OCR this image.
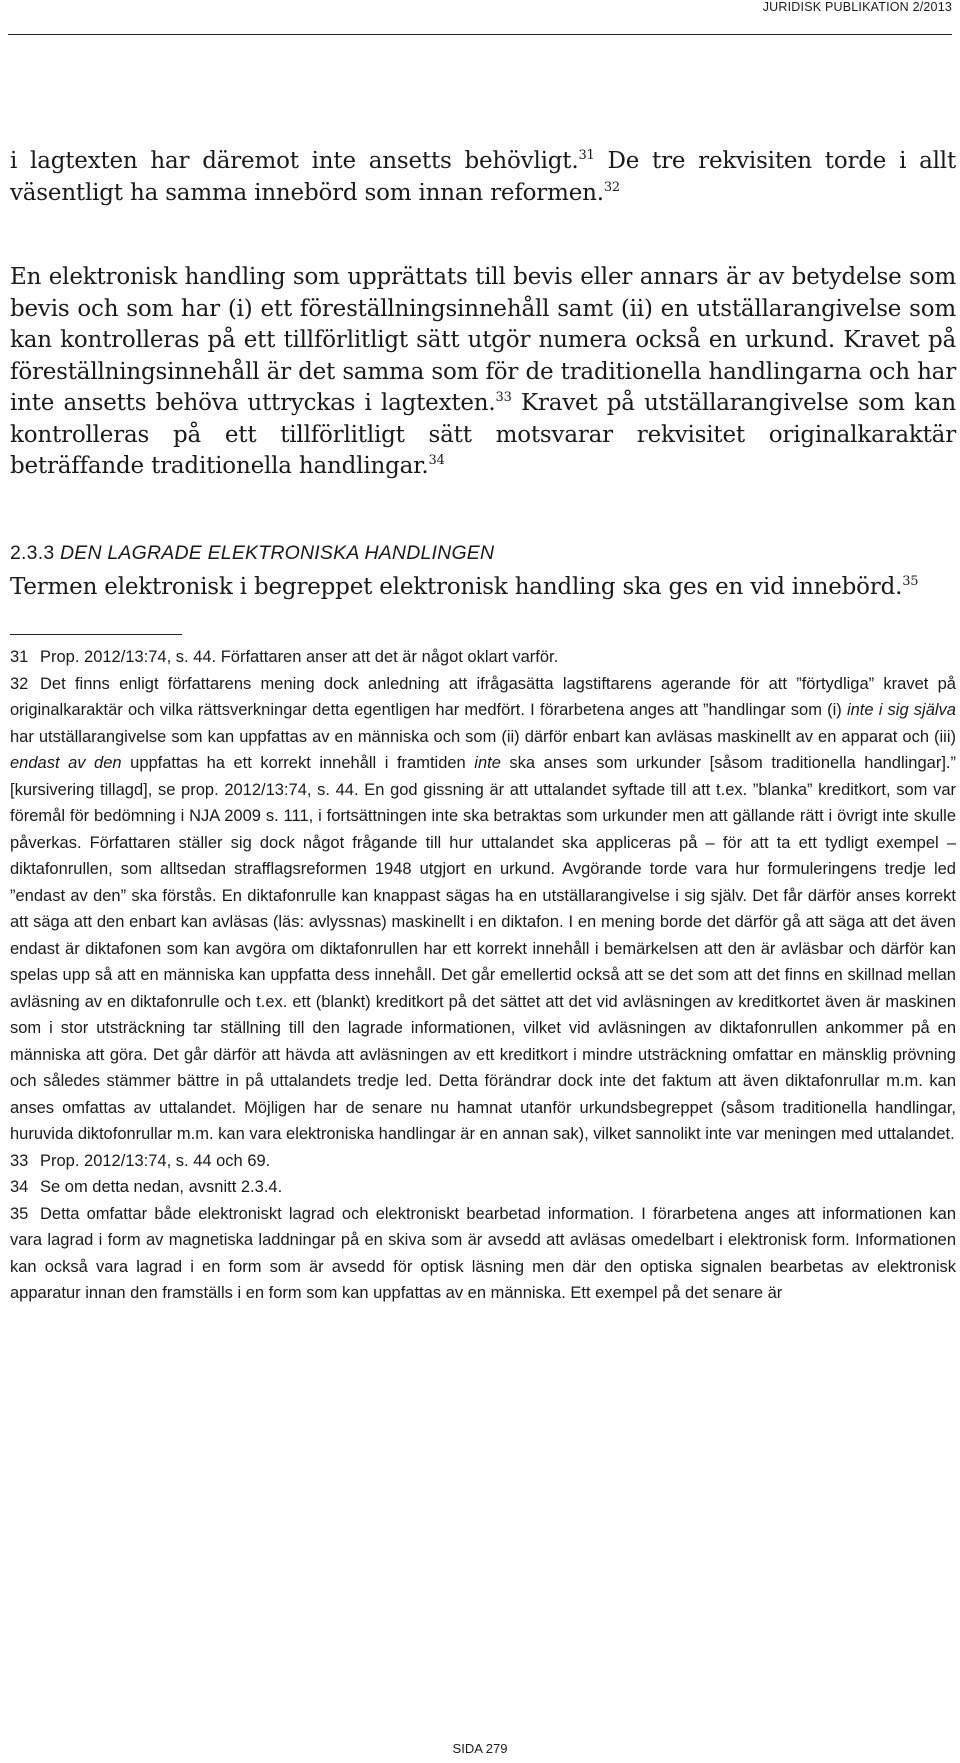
JURIDISK PUBLIKATION 2/2013

i lagtexten har däremot inte ansetts behövligt.$^{31}$ De tre rekvisiten torde i allt väsentligt ha samma innebörd som innan reformen.$^{32}$

En elektronisk handling som upprättats till bevis eller annars är av betydelse som bevis och som har (i) ett föreställningsinnehåll samt (ii) en utställarangivelse som kan kontrolleras på ett tillförlitligt sätt utgör numera också en urkund. Kravet på föreställningsinnehåll är det samma som för de traditionella handlingarna och har inte ansetts behöva uttryckas i lagtexten.$^{33}$ Kravet på utställarangivelse som kan kontrolleras på ett tillförlitligt sätt motsvarar rekvisitet originalkaraktär beträffande traditionella handlingar.$^{34}$

2.3.3 DEN LAGRADE ELEKTRONISKA HANDLINGEN

Termen elektronisk i begreppet elektronisk handling ska ges en vid innebörd.$^{35}$

31 Prop. 2012/13:74, s. 44. Författaren anser att det är något oklart varför.

32 Det finns enligt författarens mening dock anledning att ifrågasätta lagstiftarens agerande för att ”förtydliga” kravet på originalkaraktär och vilka rättsverkningar detta egentligen har medfört. I förarbetena anges att ”handlingar som (i) inte i sig själva har utställarangivelse som kan uppfattas av en människa och som (ii) därför enbart kan avläsas maskinellt av en apparat och (iii) endast av den uppfattas ha ett korrekt innehåll i framtiden inte ska anses som urkunder [såsom traditionella handlingar].” [kursivering tillagd], se prop. 2012/13:74, s. 44. En god gissning är att uttalandet syftade till att t.ex. ”blanka” kreditkort, som var föremål för bedömning i NJA 2009 s. 111, i fortsättningen inte ska betraktas som urkunder men att gällande rätt i övrigt inte skulle påverkas. Författaren ställer sig dock något frågande till hur uttalandet ska appliceras på – för att ta ett tydligt exempel – diktafonrullen, som alltsedan strafflagsreformen 1948 utgjort en urkund. Avgörande torde vara hur formuleringens tredje led ”endast av den” ska förstås. En diktafonrulle kan knappast sägas ha en utställarangivelse i sig själv. Det får därför anses korrekt att säga att den enbart kan avläsas (läs: avlyssnas) maskinellt i en diktafon. I en mening borde det därför gå att säga att det även endast är diktafonen som kan avgöra om diktafonrullen har ett korrekt innehåll i bemärkelsen att den är avläsbar och därför kan spelas upp så att en människa kan uppfatta dess innehåll. Det går emellertid också att se det som att det finns en skillnad mellan avläsning av en diktafonrulle och t.ex. ett (blankt) kreditkort på det sättet att det vid avläsningen av kreditkortet även är maskinen som i stor utsträckning tar ställning till den lagrade informationen, vilket vid avläsningen av diktafonrullen ankommer på en människa att göra. Det går därför att hävda att avläsningen av ett kreditkort i mindre utsträckning omfattar en mänsklig prövning och således stämmer bättre in på uttalandets tredje led. Detta förändrar dock inte det faktum att även diktafonrullar m.m. kan anses omfattas av uttalandet. Möjligen har de senare nu hamnat utanför urkundsbegreppet (såsom traditionella handlingar, huruvida diktofonrullar m.m. kan vara elektroniska handlingar är en annan sak), vilket sannolikt inte var meningen med uttalandet.

33 Prop. 2012/13:74, s. 44 och 69.

34 Se om detta nedan, avsnitt 2.3.4.

35 Detta omfattar både elektroniskt lagrad och elektroniskt bearbetad information. I förarbetena anges att informationen kan vara lagrad i form av magnetiska laddningar på en skiva som är avsedd att avläsas omedelbart i elektronisk form. Informationen kan också vara lagrad i en form som är avsedd för optisk läsning men där den optiska signalen bearbetas av elektronisk apparatur innan den framställs i en form som kan uppfattas av en människa. Ett exempel på det senare är

SIDA 279
